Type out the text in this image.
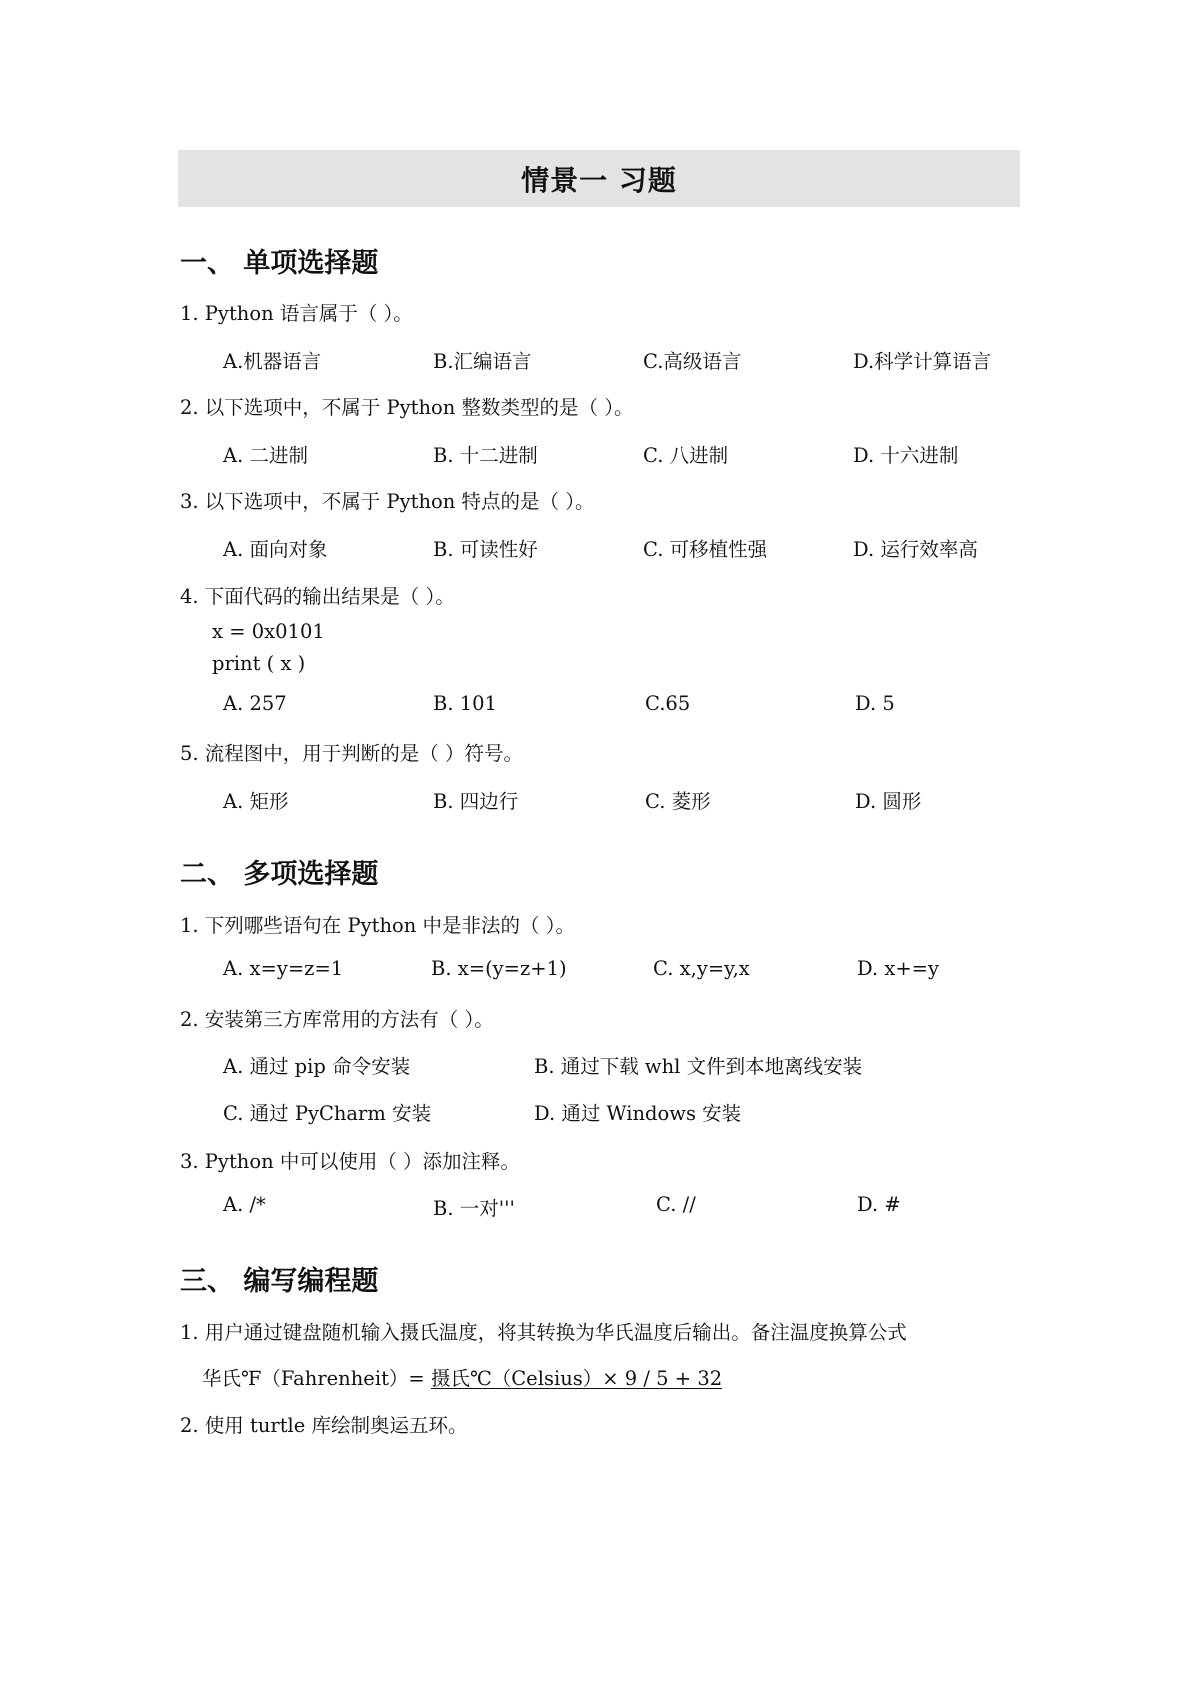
情景一 习题
一、 单项选择题
1. Python 语言属于（ ）。
A.机器语言	B.汇编语言	C.高级语言	D.科学计算语言
2. 以下选项中，不属于 Python 整数类型的是（ ）。
A. 二进制	B. 十二进制	C. 八进制	D. 十六进制
3. 以下选项中，不属于 Python 特点的是（ ）。
A. 面向对象	B. 可读性好	C. 可移植性强	D. 运行效率高
4. 下面代码的输出结果是（ ）。
x = 0x0101
print ( x )
A. 257	B. 101	C.65	D. 5
5. 流程图中，用于判断的是（ ）符号。
A. 矩形	B. 四边行	C. 菱形	D. 圆形
二、 多项选择题
1. 下列哪些语句在 Python 中是非法的（ ）。
A. x=y=z=1	B. x=(y=z+1)	C. x,y=y,x	D. x+=y
2. 安装第三方库常用的方法有（ ）。
A. 通过 pip 命令安装	B. 通过下载 whl 文件到本地离线安装
C. 通过 PyCharm 安装	D. 通过 Windows 安装
3. Python 中可以使用（ ）添加注释。
A. /*	B. 一对'''	C. //	D. #
三、 编写编程题
1. 用户通过键盘随机输入摄氏温度，将其转换为华氏温度后输出。备注温度换算公式
华氏℉（Fahrenheit）= 摄氏℃（Celsius）× 9 / 5 + 32
2. 使用 turtle 库绘制奥运五环。
